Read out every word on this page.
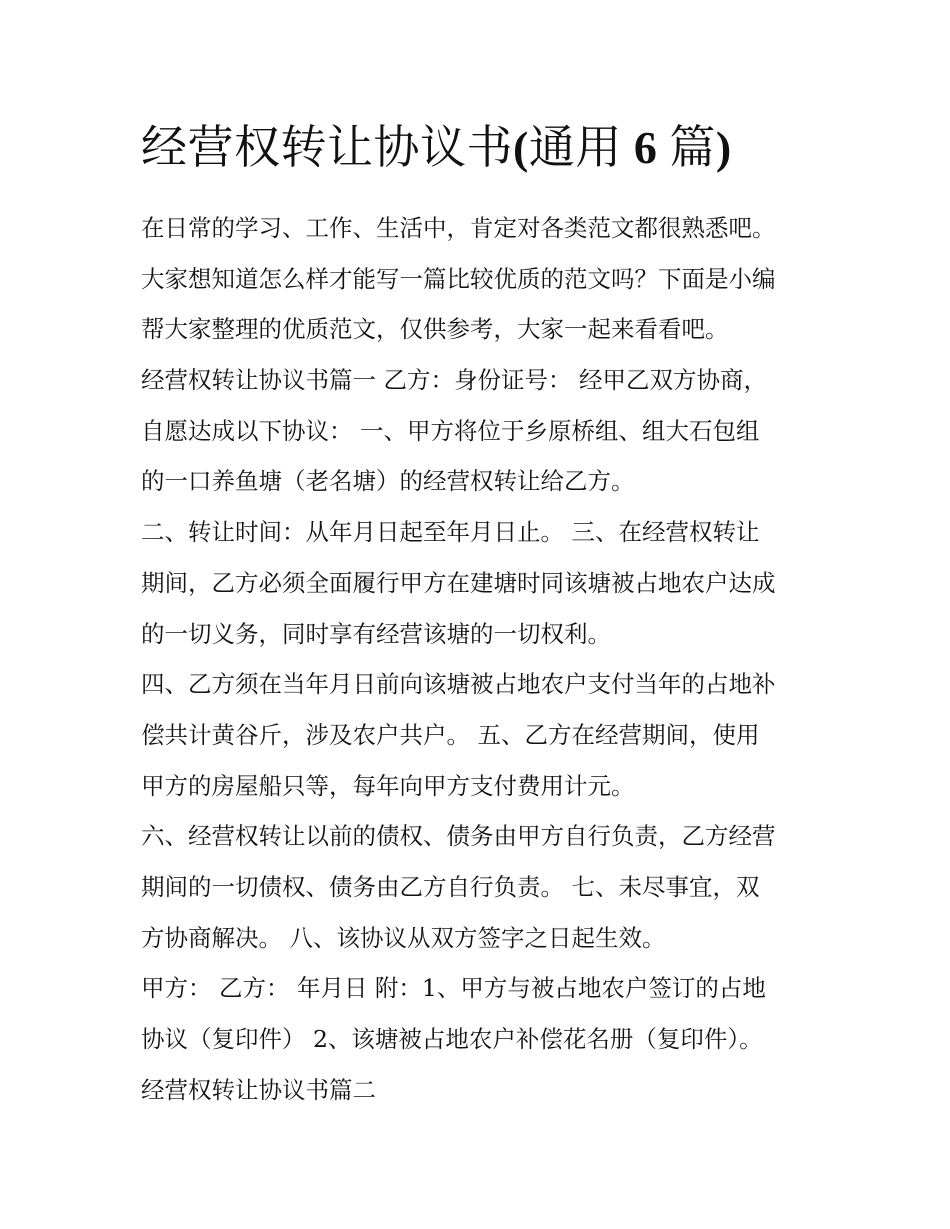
经营权转让协议书(通用 6 篇)

在日常的学习、工作、生活中，肯定对各类范文都很熟悉吧。

大家想知道怎么样才能写一篇比较优质的范文吗？下面是小编

帮大家整理的优质范文，仅供参考，大家一起来看看吧。

经营权转让协议书篇一 乙方：身份证号： 经甲乙双方协商，

自愿达成以下协议： 一、甲方将位于乡原桥组、组大石包组

的一口养鱼塘（老名塘）的经营权转让给乙方。

二、转让时间：从年月日起至年月日止。 三、在经营权转让

期间，乙方必须全面履行甲方在建塘时同该塘被占地农户达成

的一切义务，同时享有经营该塘的一切权利。

四、乙方须在当年月日前向该塘被占地农户支付当年的占地补

偿共计黄谷斤，涉及农户共户。 五、乙方在经营期间，使用

甲方的房屋船只等，每年向甲方支付费用计元。

六、经营权转让以前的债权、债务由甲方自行负责，乙方经营

期间的一切债权、债务由乙方自行负责。 七、未尽事宜，双

方协商解决。 八、该协议从双方签字之日起生效。

甲方： 乙方： 年月日 附：1、甲方与被占地农户签订的占地

协议（复印件） 2、该塘被占地农户补偿花名册（复印件）。

经营权转让协议书篇二
